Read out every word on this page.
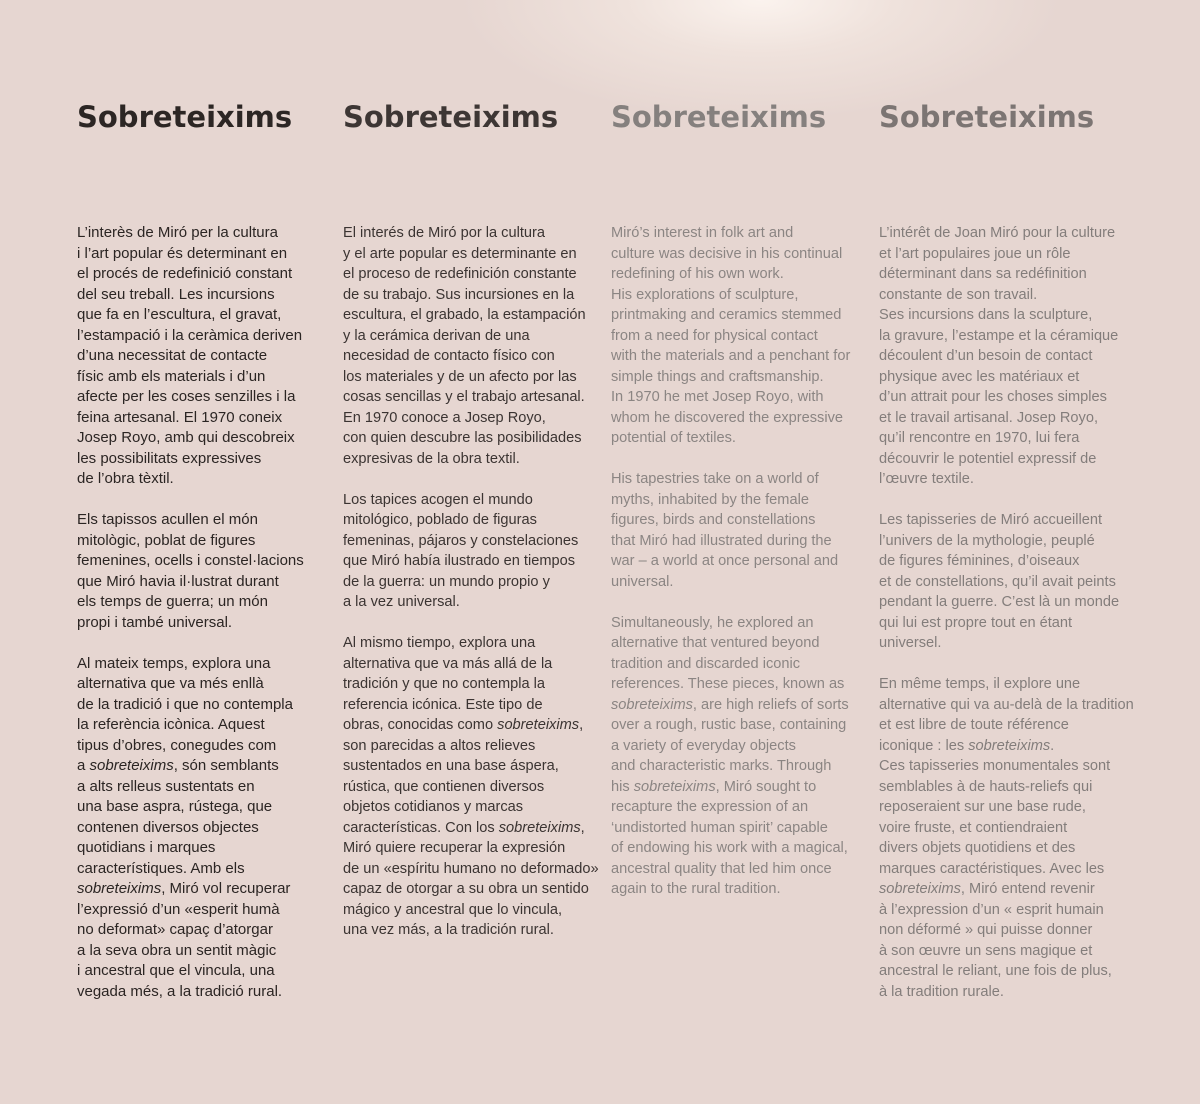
Sobreteixims

L’interès de Miró per la cultura
i l’art popular és determinant en
el procés de redefinició constant
del seu treball. Les incursions
que fa en l’escultura, el gravat,
l’estampació i la ceràmica deriven
d’una necessitat de contacte
físic amb els materials i d’un
afecte per les coses senzilles i la
feina artesanal. El 1970 coneix
Josep Royo, amb qui descobreix
les possibilitats expressives
de l’obra tèxtil.

Els tapissos acullen el món
mitològic, poblat de figures
femenines, ocells i constel·lacions
que Miró havia il·lustrat durant
els temps de guerra; un món
propi i també universal.

Al mateix temps, explora una
alternativa que va més enllà
de la tradició i que no contempla
la referència icònica. Aquest
tipus d’obres, conegudes com
a sobreteixims, són semblants
a alts relleus sustentats en
una base aspra, rústega, que
contenen diversos objectes
quotidians i marques
característiques. Amb els
sobreteixims, Miró vol recuperar
l’expressió d’un «esperit humà
no deformat» capaç d’atorgar
a la seva obra un sentit màgic
i ancestral que el vincula, una
vegada més, a la tradició rural.

Sobreteixims

El interés de Miró por la cultura
y el arte popular es determinante en
el proceso de redefinición constante
de su trabajo. Sus incursiones en la
escultura, el grabado, la estampación
y la cerámica derivan de una
necesidad de contacto físico con
los materiales y de un afecto por las
cosas sencillas y el trabajo artesanal.
En 1970 conoce a Josep Royo,
con quien descubre las posibilidades
expresivas de la obra textil.

Los tapices acogen el mundo
mitológico, poblado de figuras
femeninas, pájaros y constelaciones
que Miró había ilustrado en tiempos
de la guerra: un mundo propio y
a la vez universal.

Al mismo tiempo, explora una
alternativa que va más allá de la
tradición y que no contempla la
referencia icónica. Este tipo de
obras, conocidas como sobreteixims,
son parecidas a altos relieves
sustentados en una base áspera,
rústica, que contienen diversos
objetos cotidianos y marcas
características. Con los sobreteixims,
Miró quiere recuperar la expresión
de un «espíritu humano no deformado»
capaz de otorgar a su obra un sentido
mágico y ancestral que lo vincula,
una vez más, a la tradición rural.

Sobreteixims

Miró’s interest in folk art and
culture was decisive in his continual
redefining of his own work.
His explorations of sculpture,
printmaking and ceramics stemmed
from a need for physical contact
with the materials and a penchant for
simple things and craftsmanship.
In 1970 he met Josep Royo, with
whom he discovered the expressive
potential of textiles.

His tapestries take on a world of
myths, inhabited by the female
figures, birds and constellations
that Miró had illustrated during the
war – a world at once personal and
universal.

Simultaneously, he explored an
alternative that ventured beyond
tradition and discarded iconic
references. These pieces, known as
sobreteixims, are high reliefs of sorts
over a rough, rustic base, containing
a variety of everyday objects
and characteristic marks. Through
his sobreteixims, Miró sought to
recapture the expression of an
‘undistorted human spirit’ capable
of endowing his work with a magical,
ancestral quality that led him once
again to the rural tradition.

Sobreteixims

L’intérêt de Joan Miró pour la culture
et l’art populaires joue un rôle
déterminant dans sa redéfinition
constante de son travail.
Ses incursions dans la sculpture,
la gravure, l’estampe et la céramique
découlent d’un besoin de contact
physique avec les matériaux et
d’un attrait pour les choses simples
et le travail artisanal. Josep Royo,
qu’il rencontre en 1970, lui fera
découvrir le potentiel expressif de
l’œuvre textile.

Les tapisseries de Miró accueillent
l’univers de la mythologie, peuplé
de figures féminines, d’oiseaux
et de constellations, qu’il avait peints
pendant la guerre. C’est là un monde
qui lui est propre tout en étant
universel.

En même temps, il explore une
alternative qui va au-delà de la tradition
et est libre de toute référence
iconique : les sobreteixims.
Ces tapisseries monumentales sont
semblables à de hauts-reliefs qui
reposeraient sur une base rude,
voire fruste, et contiendraient
divers objets quotidiens et des
marques caractéristiques. Avec les
sobreteixims, Miró entend revenir
à l’expression d’un « esprit humain
non déformé » qui puisse donner
à son œuvre un sens magique et
ancestral le reliant, une fois de plus,
à la tradition rurale.
